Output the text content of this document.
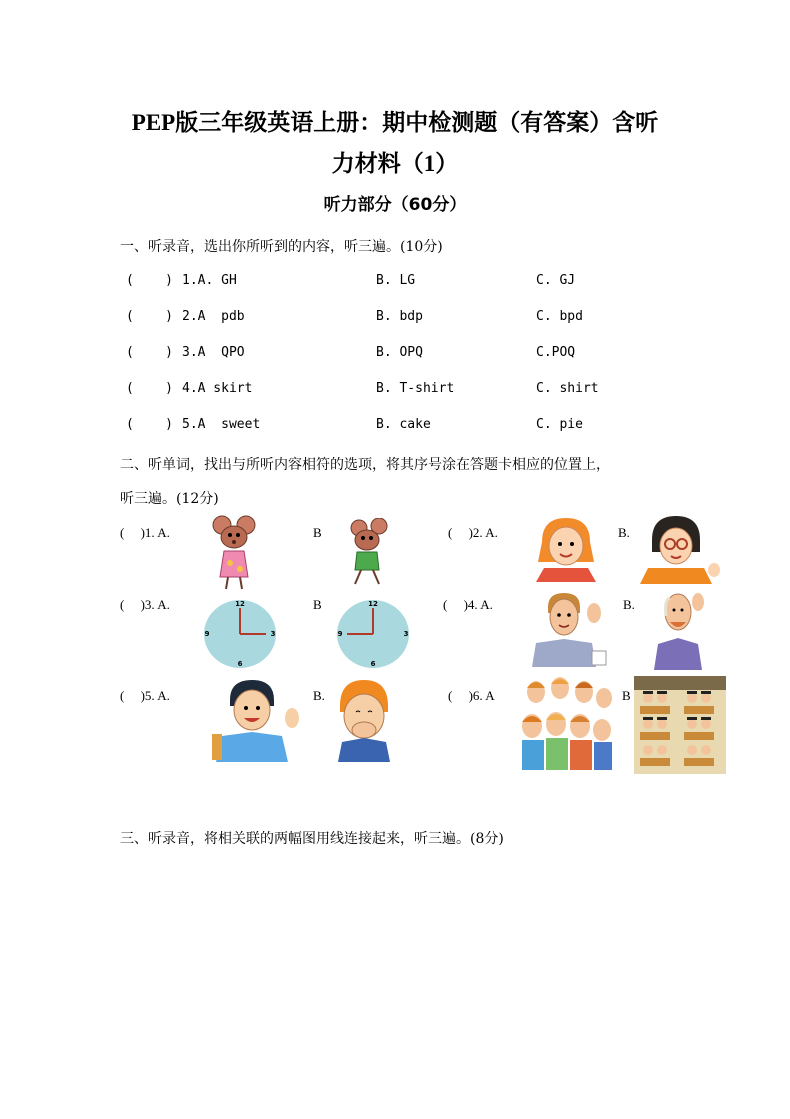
PEP版三年级英语上册：期中检测题（有答案）含听
力材料（1）
听力部分（60分）
一、听录音，选出你所听到的内容，听三遍。(10分)
(    ) 1.A. GH	B. LG	C. GJ
(    ) 2.A  pdb	B. bdp	C. bpd
(    ) 3.A  QPO	B. OPQ	C.POQ
(    ) 4.A skirt	B. T-shirt	C. shirt
(    ) 5.A  sweet	B. cake	C. pie
二、听单词，找出与所听内容相符的选项，将其序号涂在答题卡相应的位置上，
听三遍。(12分)
(     )1. A.	B	(     )2. A.	B.
(     )3. A.	12
3
6
9
B	12
3
6
9
(     )4. A.	B.
(     )5. A.	B.	(     )6. A	B
三、听录音，将相关联的两幅图用线连接起来，听三遍。(8分)
